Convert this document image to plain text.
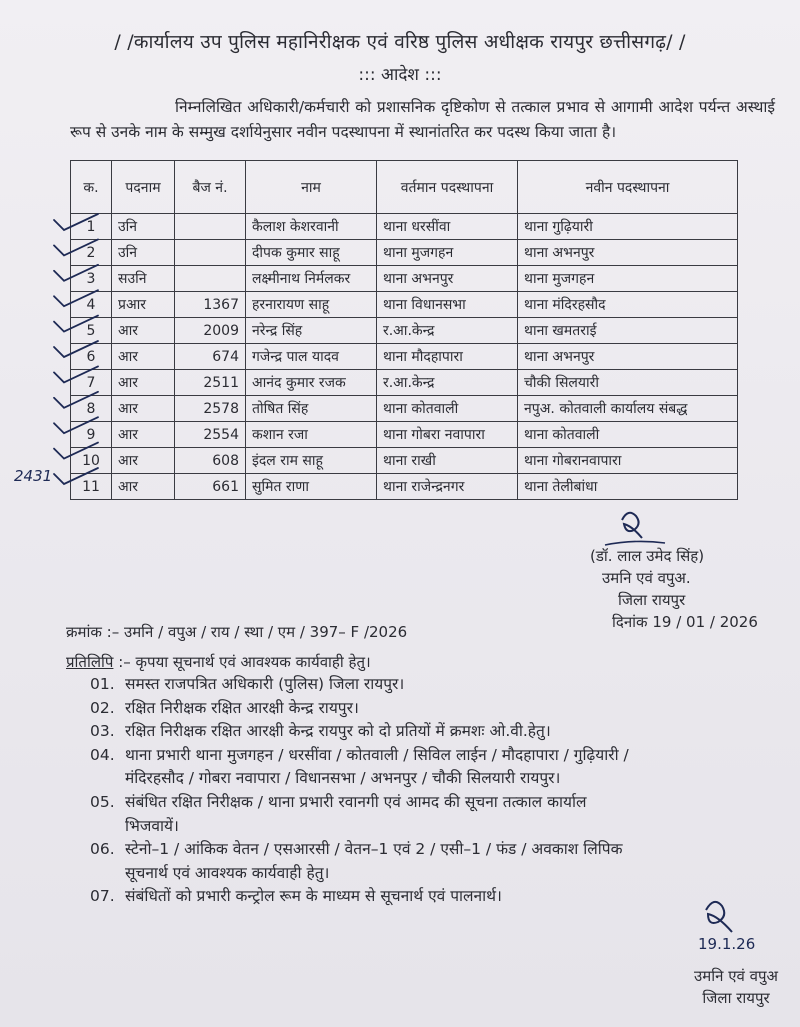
/ /कार्यालय उप पुलिस महानिरीक्षक एवं वरिष्ठ पुलिस अधीक्षक रायपुर छत्तीसगढ़/ /
::: आदेश :::

निम्नलिखित अधिकारी/कर्मचारी को प्रशासनिक दृष्टिकोण से तत्काल प्रभाव से आगामी आदेश पर्यन्त अस्थाई रूप से उनके नाम के सम्मुख दर्शायेनुसार नवीन पदस्थापना में स्थानांतरित कर पदस्थ किया जाता है।

क.	पदनाम	बैज नं.	नाम	वर्तमान पदस्थापना	नवीन पदस्थापना
1	उनि		कैलाश केशरवानी	थाना धरसींवा	थाना गुढ़ियारी
2	उनि		दीपक कुमार साहू	थाना मुजगहन	थाना अभनपुर
3	सउनि		लक्ष्मीनाथ निर्मलकर	थाना अभनपुर	थाना मुजगहन
4	प्रआर	1367	हरनारायण साहू	थाना विधानसभा	थाना मंदिरहसौद
5	आर	2009	नरेन्द्र सिंह	र.आ.केन्द्र	थाना खमतराई
6	आर	674	गजेन्द्र पाल यादव	थाना मौदहापारा	थाना अभनपुर
7	आर	2511	आनंद कुमार रजक	र.आ.केन्द्र	चौकी सिलयारी
8	आर	2578	तोषित सिंह	थाना कोतवाली	नपुअ. कोतवाली कार्यालय संबद्ध
9	आर	2554	कशान रजा	थाना गोबरा नवापारा	थाना कोतवाली
10	आर	608	इंदल राम साहू	थाना राखी	थाना गोबरानवापारा
11	आर	661	सुमित राणा	थाना राजेन्द्रनगर	थाना तेलीबांधा
2431
(डॉ. लाल उमेद सिंह)
उमनि एवं वपुअ.
जिला रायपुर
दिनांक 19 / 01 / 2026
क्रमांक :– उमनि / वपुअ / राय / स्था / एम / 397– F /2026
प्रतिलिपि :– कृपया सूचनार्थ एवं आवश्यक कार्यवाही हेतु।
01. समस्त राजपत्रित अधिकारी (पुलिस) जिला रायपुर।
02. रक्षित निरीक्षक रक्षित आरक्षी केन्द्र रायपुर।
03. रक्षित निरीक्षक रक्षित आरक्षी केन्द्र रायपुर को दो प्रतियों में क्रमशः ओ.वी.हेतु।
04. थाना प्रभारी थाना मुजगहन / धरसींवा / कोतवाली / सिविल लाईन / मौदहापारा / गुढ़ियारी /
मंदिरहसौद / गोबरा नवापारा / विधानसभा / अभनपुर / चौकी सिलयारी रायपुर।
05. संबंधित रक्षित निरीक्षक / थाना प्रभारी रवानगी एवं आमद की सूचना तत्काल कार्याल
भिजवायें।
06. स्टेनो–1 / आंकिक वेतन / एसआरसी / वेतन–1 एवं 2 / एसी–1 / फंड / अवकाश लिपिक
सूचनार्थ एवं आवश्यक कार्यवाही हेतु।
07. संबंधितों को प्रभारी कन्ट्रोल रूम के माध्यम से सूचनार्थ एवं पालनार्थ।
19.1.26
उमनि एवं वपुअ
जिला रायपुर
